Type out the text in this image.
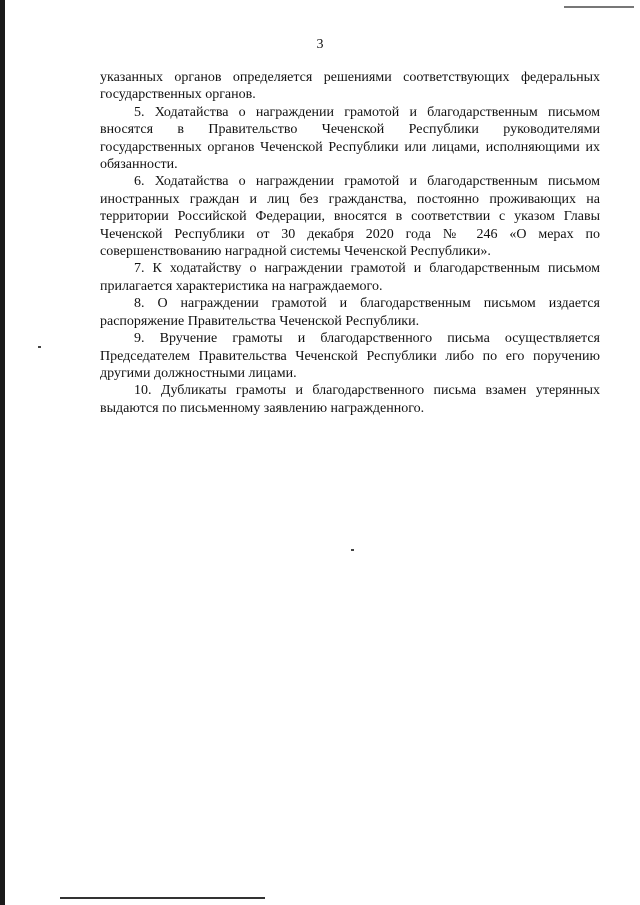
3

указанных органов определяется решениями соответствующих федеральных государственных органов.

5. Ходатайства о награждении грамотой и благодарственным письмом вносятся в Правительство Чеченской Республики руководителями государственных органов Чеченской Республики или лицами, исполняющими их обязанности.

6. Ходатайства о награждении грамотой и благодарственным письмом иностранных граждан и лиц без гражданства, постоянно проживающих на территории Российской Федерации, вносятся в соответствии с указом Главы Чеченской Республики от 30 декабря 2020 года № 246 «О мерах по совершенствованию наградной системы Чеченской Республики».

7. К ходатайству о награждении грамотой и благодарственным письмом прилагается характеристика на награждаемого.

8. О награждении грамотой и благодарственным письмом издается распоряжение Правительства Чеченской Республики.

9. Вручение грамоты и благодарственного письма осуществляется Председателем Правительства Чеченской Республики либо по его поручению другими должностными лицами.

10. Дубликаты грамоты и благодарственного письма взамен утерянных выдаются по письменному заявлению награжденного.
